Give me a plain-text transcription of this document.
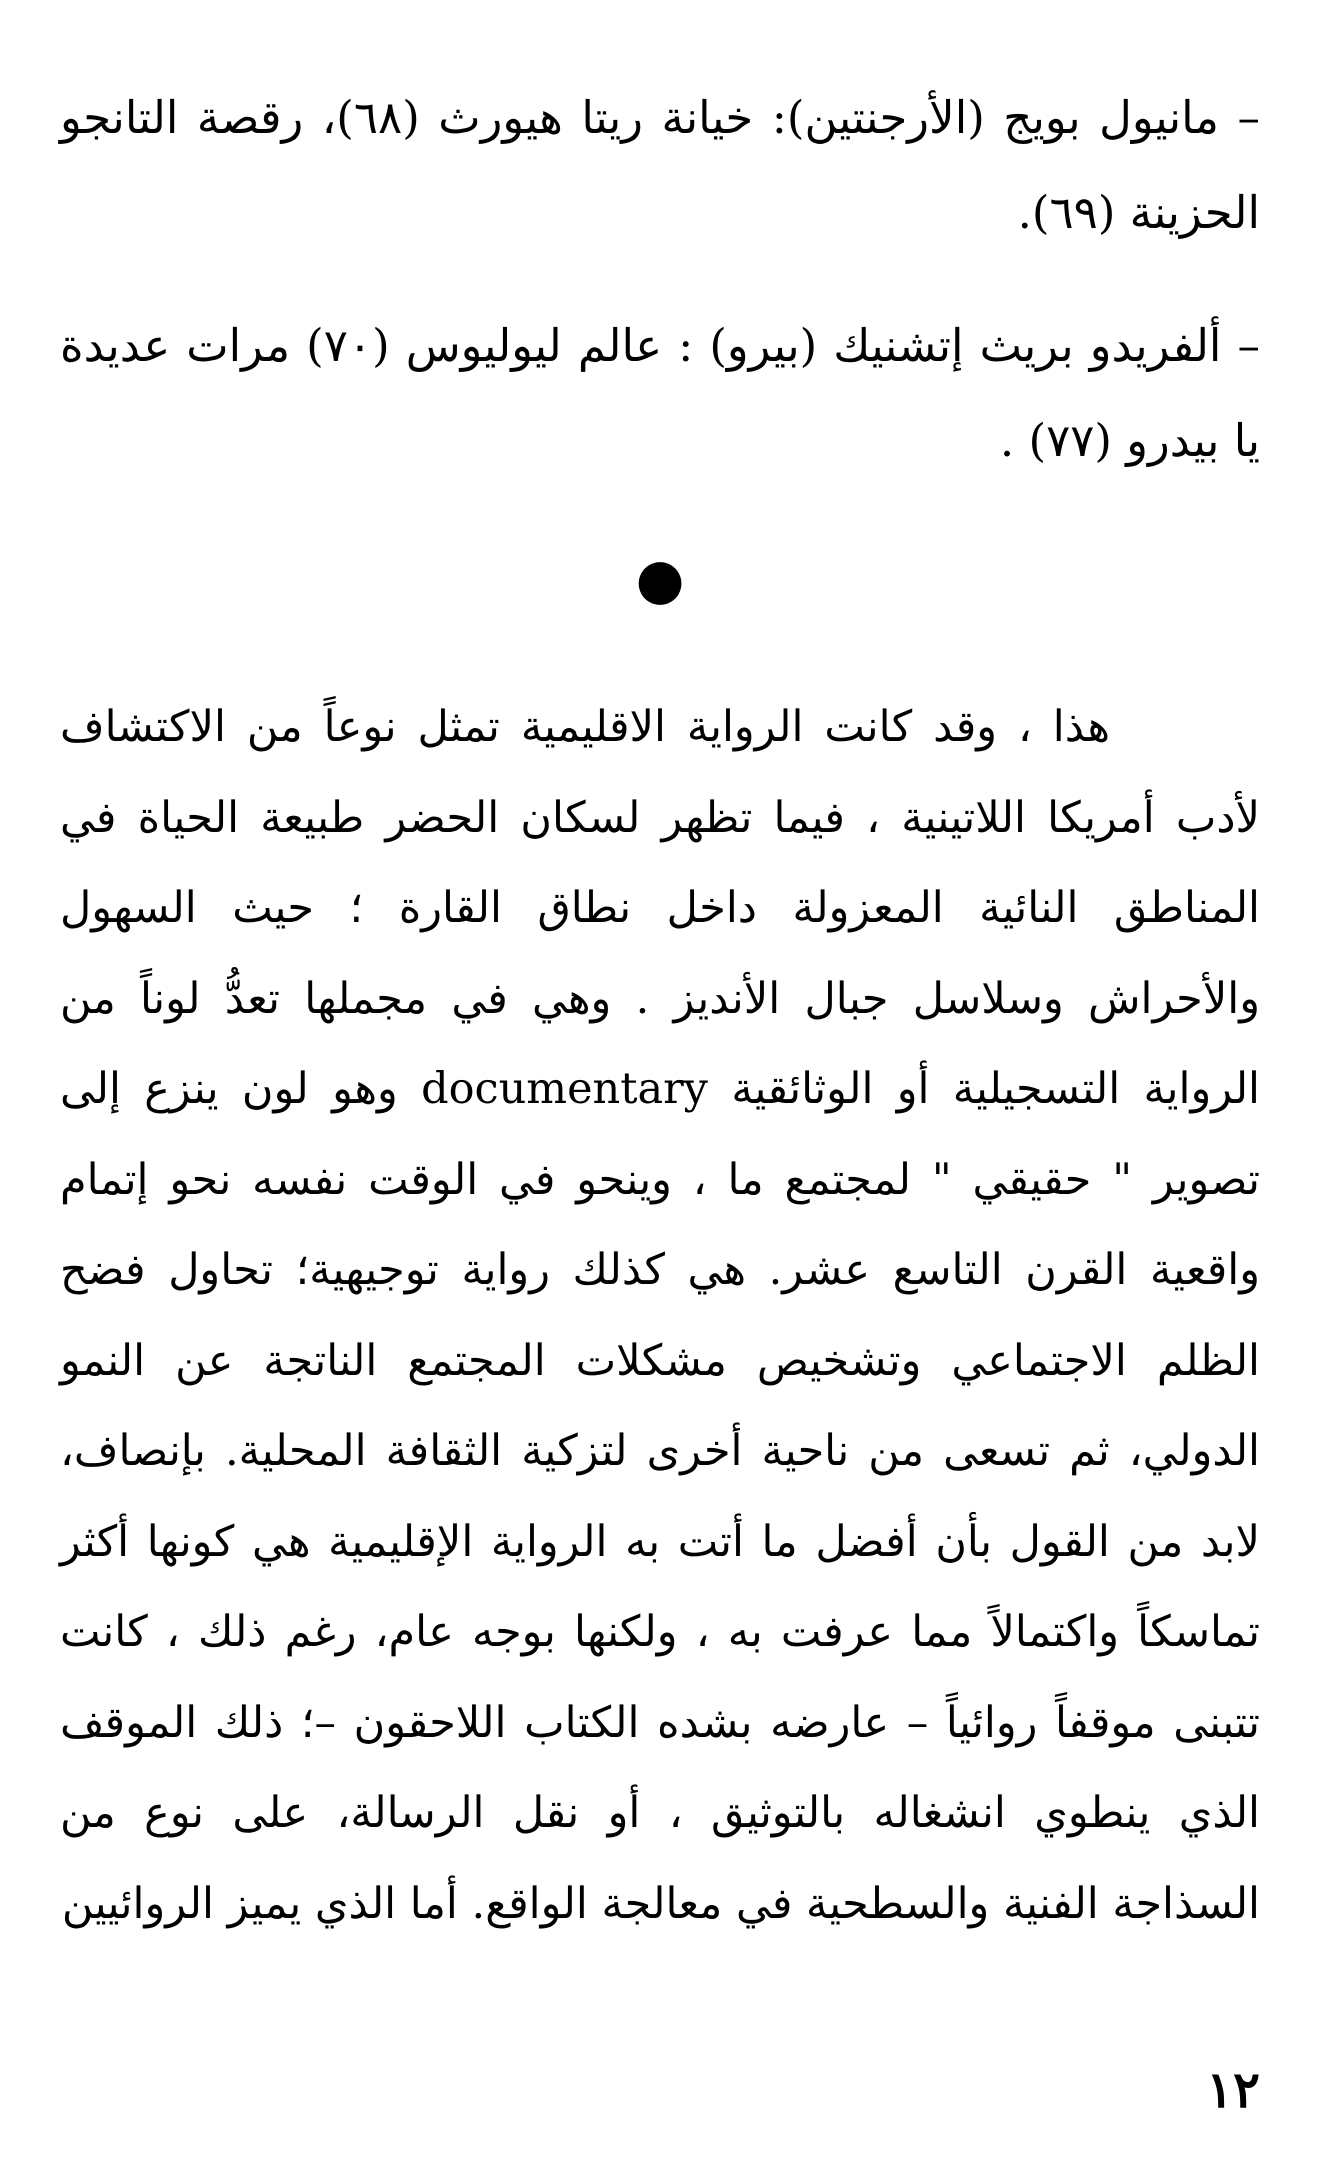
– مانيول بويج (الأرجنتين): خيانة ريتا هيورث (٦٨)، رقصة التانجو الحزينة (٦٩).

– ألفريدو بريث إتشنيك (بيرو) : عالم ليوليوس (٧٠) مرات عديدة يا بيدرو (٧٧) .

●

هذا ، وقد كانت الرواية الاقليمية تمثل نوعاً من الاكتشاف لأدب أمريكا اللاتينية ، فيما تظهر لسكان الحضر طبيعة الحياة في المناطق النائية المعزولة داخل نطاق القارة ؛ حيث السهول والأحراش وسلاسل جبال الأنديز . وهي في مجملها تعدُّ لوناً من الرواية التسجيلية أو الوثائقية documentary وهو لون ينزع إلى تصوير " حقيقي " لمجتمع ما ، وينحو في الوقت نفسه نحو إتمام واقعية القرن التاسع عشر. هي كذلك رواية توجيهية؛ تحاول فضح الظلم الاجتماعي وتشخيص مشكلات المجتمع الناتجة عن النمو الدولي، ثم تسعى من ناحية أخرى لتزكية الثقافة المحلية. بإنصاف، لابد من القول بأن أفضل ما أتت به الرواية الإقليمية هي كونها أكثر تماسكاً واكتمالاً مما عرفت به ، ولكنها بوجه عام، رغم ذلك ، كانت تتبنى موقفاً روائياً – عارضه بشده الكتاب اللاحقون –؛ ذلك الموقف الذي ينطوي انشغاله بالتوثيق ، أو نقل الرسالة، على نوع من السذاجة الفنية والسطحية في معالجة الواقع. أما الذي يميز الروائيين

١٢
